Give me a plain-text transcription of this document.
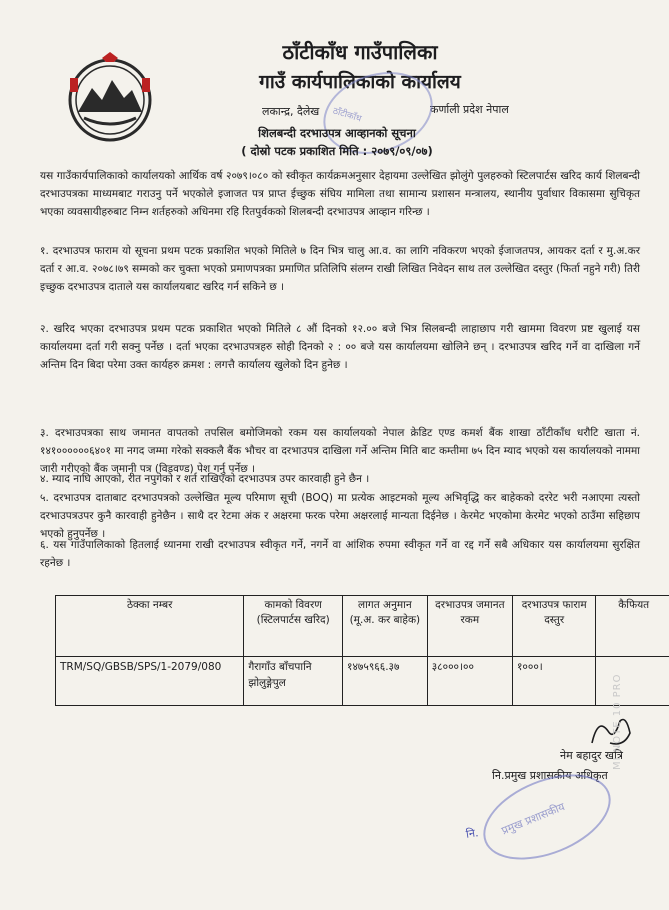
ठाँटीकाँध गाउँपालिका
गाउँ कार्यपालिकाको कार्यालय
लकान्द्र, दैलेख	कर्णाली प्रदेश नेपाल
ठाँटीकाँध
शिलबन्दी दरभाउपत्र आव्हानको सूचना
( दोस्रो पटक प्रकाशित मिति : २०७९/०९/०७)

यस गाउँकार्यपालिकाको कार्यालयको आर्थिक वर्ष २०७९।०८० को स्वीकृत कार्यक्रमअनुसार देहायमा उल्लेखित झोलुंगे पुलहरुको स्टिलपार्टस खरिद कार्य शिलबन्दी दरभाउपत्रका माध्यमबाट गराउनु पर्ने भएकोले इजाजत पत्र प्राप्त ईच्छुक संघिय मामिला तथा सामान्य प्रशासन मन्त्रालय, स्थानीय पुर्वाधार विकासमा सुचिकृत भएका व्यवसायीहरुबाट निम्न शर्तहरुको अधिनमा रहि रितपुर्वकको शिलबन्दी दरभाउपत्र आव्हान गरिन्छ ।

१. दरभाउपत्र फाराम यो सूचना प्रथम पटक प्रकाशित भएको मितिले ७ दिन भित्र चालु आ.व. का लागि नविकरण भएको ईजाजतपत्र, आयकर दर्ता र मु.अ.कर दर्ता र आ.व. २०७८।७९ सम्मको कर चुक्ता भएको प्रमाणपत्रका प्रमाणित प्रतिलिपि संलग्न राखी लिखित निवेदन साथ तल उल्लेखित दस्तुर (फिर्ता नहुने गरी) तिरी इच्छुक दरभाउपत्र दाताले यस कार्यालयबाट खरिद गर्न सकिने छ ।

२. खरिद भएका दरभाउपत्र प्रथम पटक प्रकाशित भएको मितिले ८ औं दिनको १२.०० बजे भित्र सिलबन्दी लाहाछाप गरी खाममा विवरण प्रष्ट खुलाई यस कार्यालयमा दर्ता गरी सक्नु पर्नेछ । दर्ता भएका दरभाउपत्रहरु सोही दिनको २ : ०० बजे यस कार्यालयमा खोलिने छन् । दरभाउपत्र खरिद गर्ने वा दाखिला गर्ने अन्तिम दिन बिदा परेमा उक्त कार्यहरु क्रमश : लगत्तै कार्यालय खुलेको दिन हुनेछ ।

३. दरभाउपत्रका साथ जमानत वापतको तपसिल बमोजिमको रकम यस कार्यालयको नेपाल क्रेडिट एण्ड कमर्श बैंक शाखा ठाँटीकाँध धरौटि खाता नं. १४१००००००६४०१ मा नगद जम्मा गरेको सक्कलै बैंक भौचर वा दरभाउपत्र दाखिला गर्ने अन्तिम मिति बाट कम्तीमा ७५ दिन म्याद भएको यस कार्यालयको नाममा जारी गरीएको बैंक जमानी पत्र (विडवण्ड) पेश गर्नु पर्नेछ ।

४. म्याद नाघि आएको, रीत नपुगेको र शर्त राखिएको दरभाउपत्र उपर कारवाही हुने छैन ।

५. दरभाउपत्र दाताबाट दरभाउपत्रको उल्लेखित मूल्य परिमाण सूची (BOQ) मा प्रत्येक आइटमको मूल्य अभिवृद्धि कर बाहेकको दररेट भरी नआएमा त्यस्तो दरभाउपत्रउपर कुनै कारवाही हुनेछैन । साथै दर रेटमा अंक र अक्षरमा फरक परेमा अक्षरलाई मान्यता दिईनेछ । केरमेट भएकोमा केरमेट भएको ठाउँमा सहिछाप भएको हुनुपर्नेछ ।

६. यस गाउँपालिकाको हितलाई ध्यानमा राखी दरभाउपत्र स्वीकृत गर्ने, नगर्ने वा आंशिक रुपमा स्वीकृत गर्ने वा रद्द गर्ने सबै अधिकार यस कार्यालयमा सुरक्षित रहनेछ ।

ठेक्का नम्बर	कामको विवरण (स्टिलपार्टस खरिद)	लागत अनुमान (मू.अ. कर बाहेक)	दरभाउपत्र जमानत रकम	दरभाउपत्र फाराम दस्तुर	कैफियत
TRM/SQ/GBSB/SPS/1-2079/080	गैरागाँउ बाँचपानि झोलुङ्गेपुल	१४७५९६६.३७	३८०००।००	१०००।	
नेम बहादुर खत्रि
नि.प्रमुख प्रशासकीय अधिकृत
प्रमुख प्रशासकीय
नि.
MI NOTE 10 PRO
